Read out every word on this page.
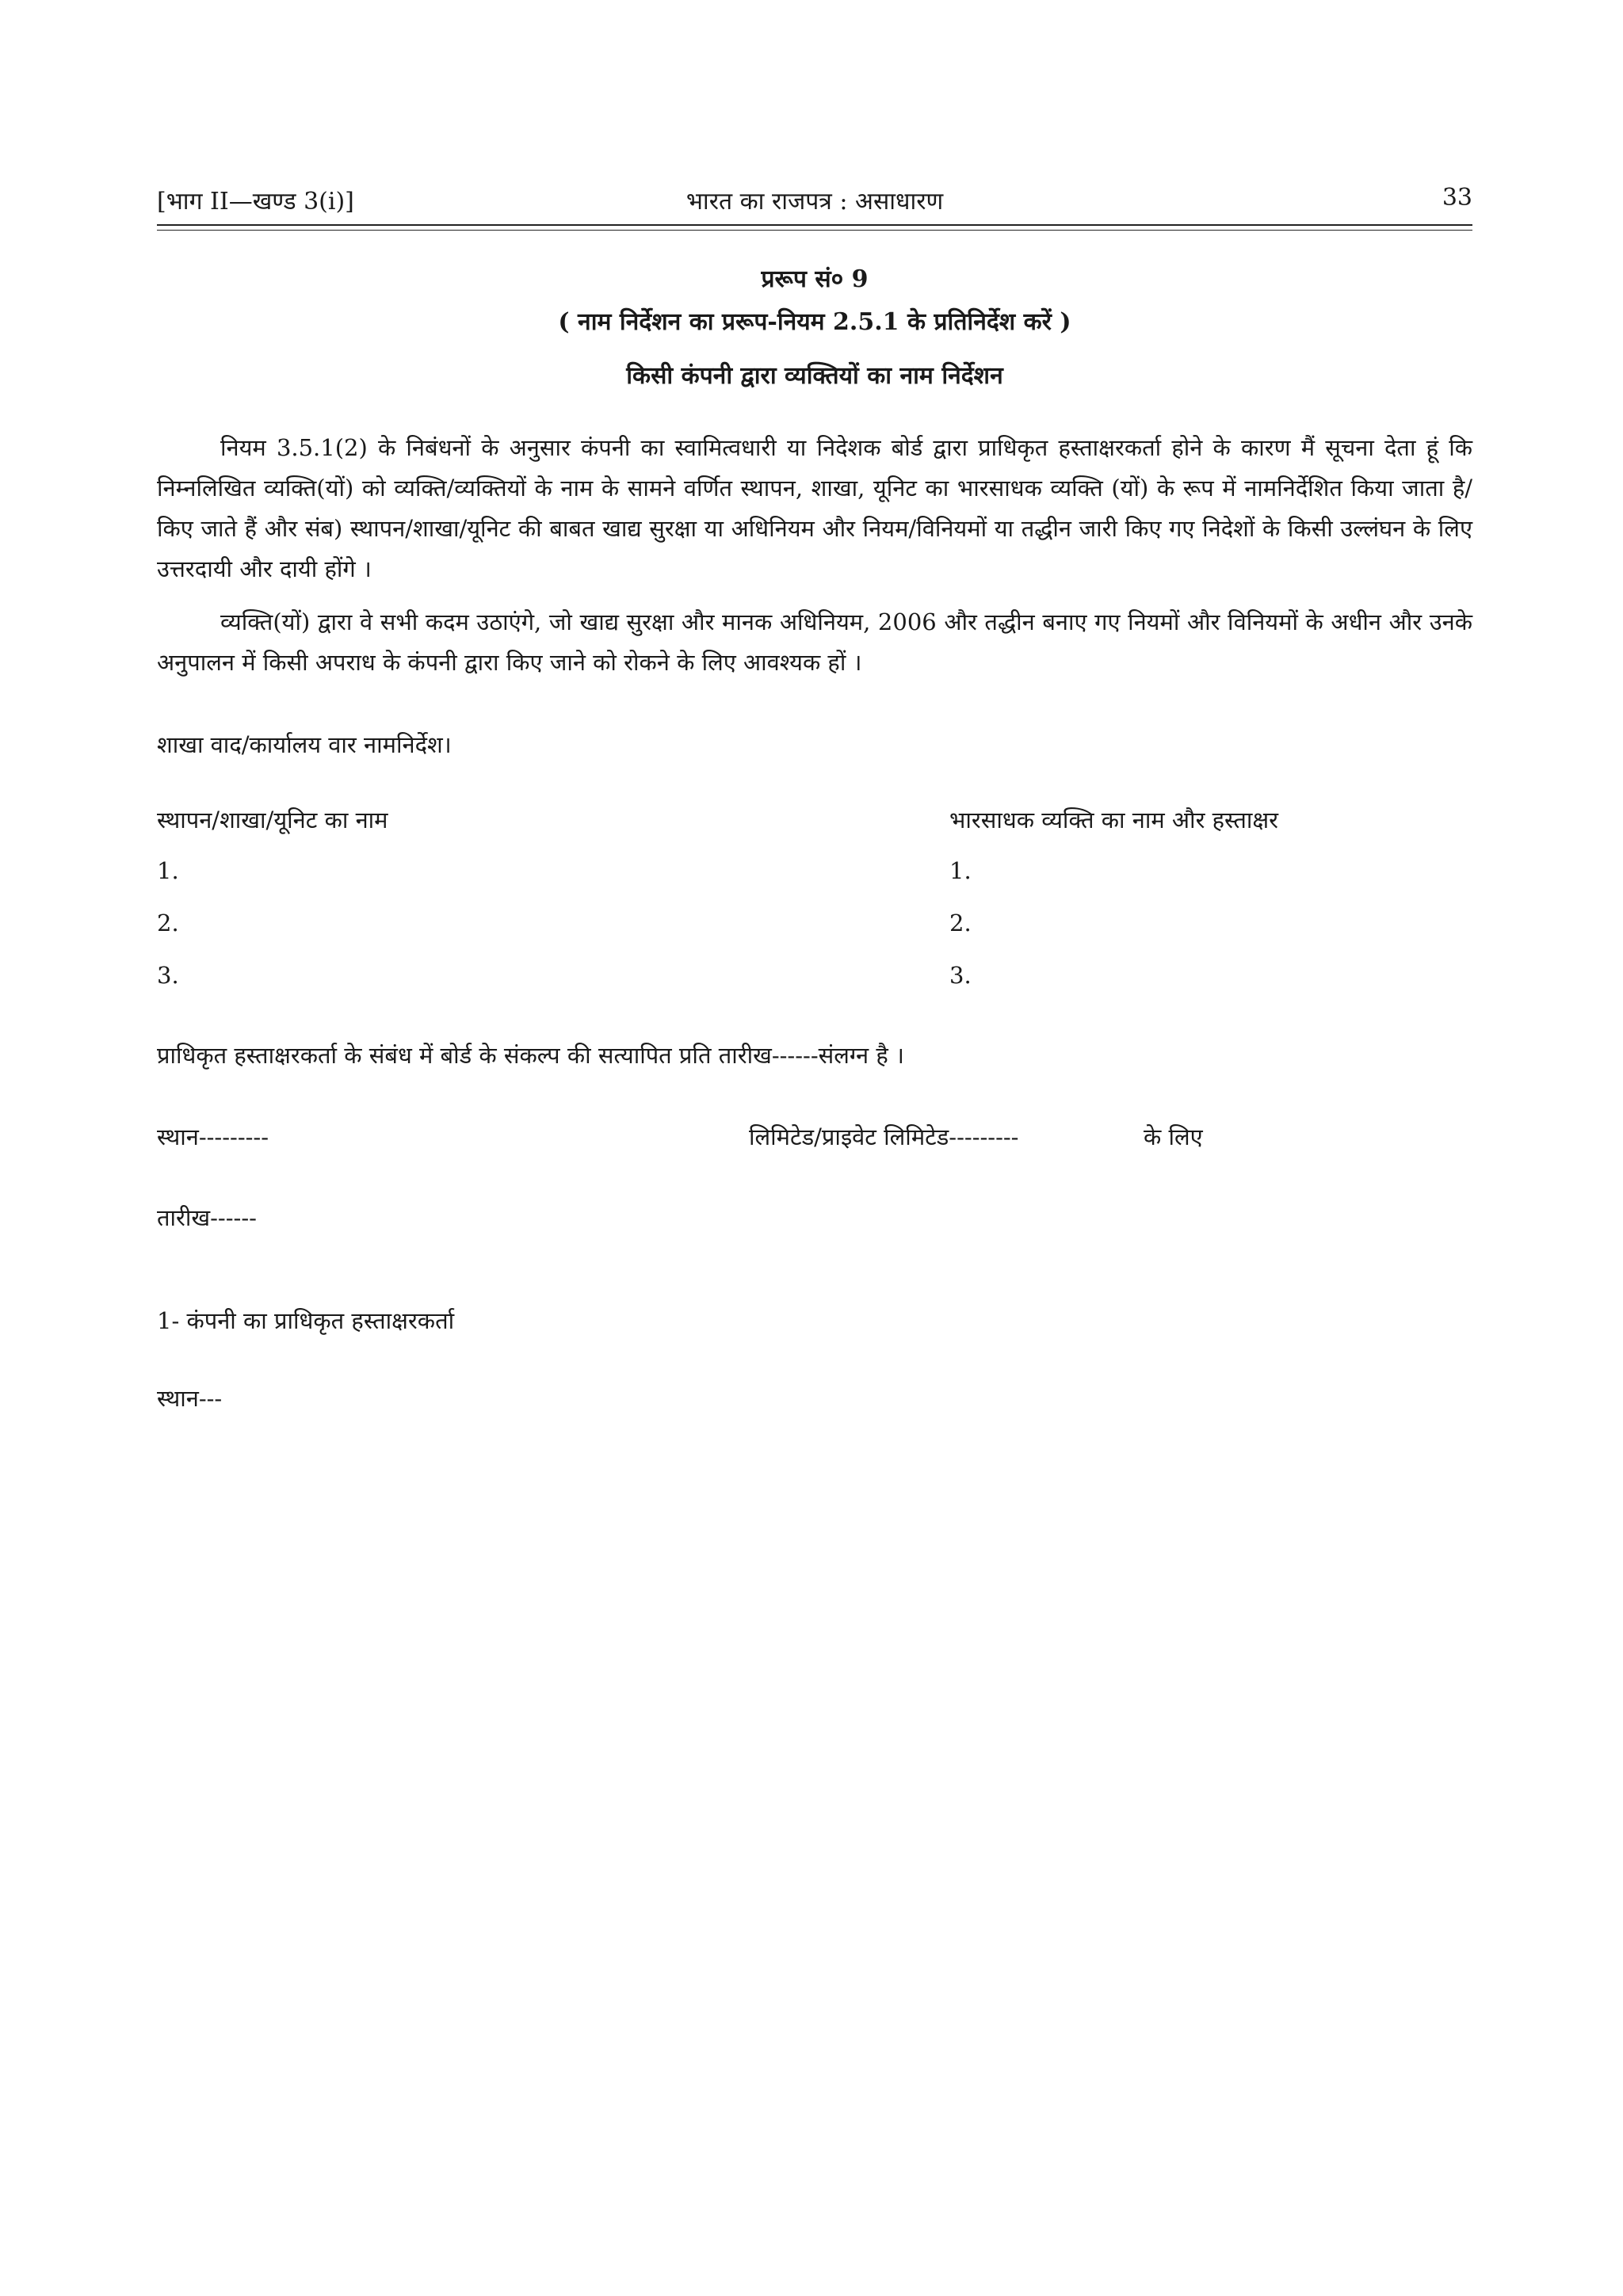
[भाग II—खण्ड 3(i)]	भारत का राजपत्र : असाधारण	33
प्ररूप सं० 9
( नाम निर्देशन का प्ररूप-नियम 2.5.1 के प्रतिनिर्देश करें )
किसी कंपनी द्वारा व्यक्तियों का नाम निर्देशन
नियम 3.5.1(2) के निबंधनों के अनुसार कंपनी का स्वामित्वधारी या निदेशक बोर्ड द्वारा प्राधिकृत हस्ताक्षरकर्ता होने के कारण मैं सूचना देता हूं कि निम्नलिखित व्यक्ति(यों) को व्यक्ति/व्यक्तियों के नाम के सामने वर्णित स्थापन, शाखा, यूनिट का भारसाधक व्यक्ति (यों) के रूप में नामनिर्देशित किया जाता है/ किए जाते हैं और संब) स्थापन/शाखा/यूनिट की बाबत खाद्य सुरक्षा या अधिनियम और नियम/विनियमों या तद्धीन जारी किए गए निदेशों के किसी उल्लंघन के लिए उत्तरदायी और दायी होंगे ।
व्यक्ति(यों) द्वारा वे सभी कदम उठाएंगे, जो खाद्य सुरक्षा और मानक अधिनियम, 2006 और तद्धीन बनाए गए नियमों और विनियमों के अधीन और उनके अनुपालन में किसी अपराध के कंपनी द्वारा किए जाने को रोकने के लिए आवश्यक हों ।
शाखा वाद/कार्यालय वार नामनिर्देश।
स्थापन/शाखा/यूनिट का नाम	भारसाधक व्यक्ति का नाम और हस्ताक्षर
1.	1.
2.	2.
3.	3.
प्राधिकृत हस्ताक्षरकर्ता के संबंध में बोर्ड के संकल्प की सत्यापित प्रति तारीख------संलग्न है ।
स्थान---------	लिमिटेड/प्राइवेट लिमिटेड---------	के लिए
तारीख------
1- कंपनी का प्राधिकृत हस्ताक्षरकर्ता
स्थान---
